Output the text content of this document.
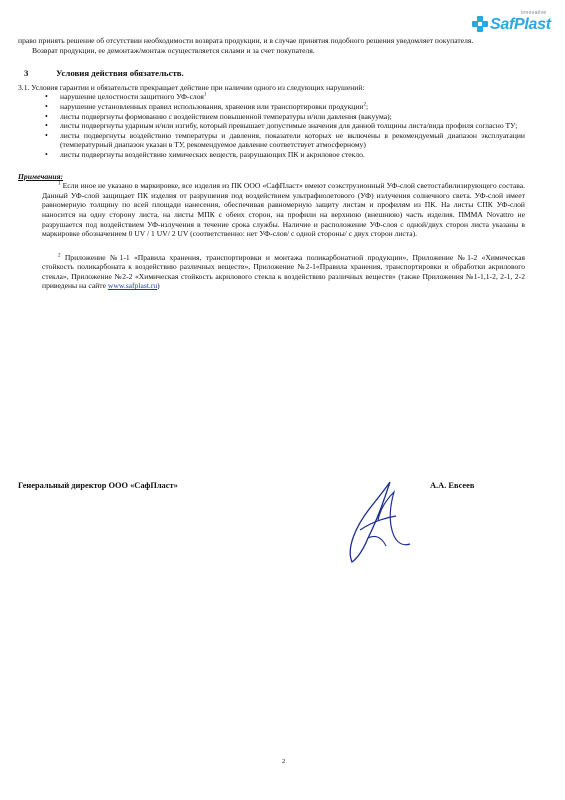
innovative
SafPlast

право принять решение об отсутствии необходимости возврата продукции, и в случае принятия подобного решения уведомляет покупателя.

Возврат продукции, ее демонтаж/монтаж осуществляется силами и за счет покупателя.

3	Условия действия обязательств.

3.1. Условия гарантии и обязательств прекращает действие при наличии одного из следующих нарушений:

• нарушение целостности защитного УФ-слоя$^1$
• нарушение установленных правил использования, хранения или транспортировки продукции$^2$;
• листы подвергнуты формованию с воздействием повышенной температуры и/или давления (вакуума);
• листы подвергнуты ударным и/или изгибу, который превышает допустимые значения для данной толщины листа/вида профиля согласно ТУ;
• листы подвергнуты воздействию температуры и давления, показатели которых не включены в рекомендуемый диапазон эксплуатации (температурный диапазон указан в ТУ, рекомендуемое давление соответствует атмосферному)
• листы подвергнуты воздействию химических веществ, разрушающих ПК и акриловое стекло.

Примечания:

$^1$ Если иное не указано в маркировке, все изделия из ПК ООО «СафПласт» имеют соэкструзионный УФ-слой светостабилизирующего состава. Данный УФ-слой защищает ПК изделия от разрушения под воздействием ультрафиолетового (УФ) излучения солнечного света. УФ-слой имеет равномерную толщину по всей площади нанесения, обеспечивая равномерную защиту листам и профилям из ПК. На листы СПК УФ-слой наносится на одну сторону листа, на листы МПК с обеих сторон, на профили на верхнюю (внешнюю) часть изделия. ПММА Novattro не разрушается под воздействием УФ-излучения в течение срока службы. Наличие и расположение УФ-слоя с одной/двух сторон листа указаны в маркировке обозначением 0 UV / 1 UV/ 2 UV (соответственно: нет УФ-слоя/ с одной стороны/ с двух сторон листа).

$^2$ Приложение №1-1 «Правила хранения, транспортировки и монтажа поликарбонатной продукции», Приложение №1-2 «Химическая стойкость поликарбоната к воздействию различных веществ», Приложение №2-1«Правила хранения, транспортировки и обработки акрилового стекла», Приложение №2-2 «Химическая стойкость акрилового стекла к воздействию различных веществ» (также Приложения №1-1,1-2, 2-1, 2-2 приведены на сайте www.safplast.ru)

Генеральный директор ООО «СафПласт»	А.А. Евсеев
2
